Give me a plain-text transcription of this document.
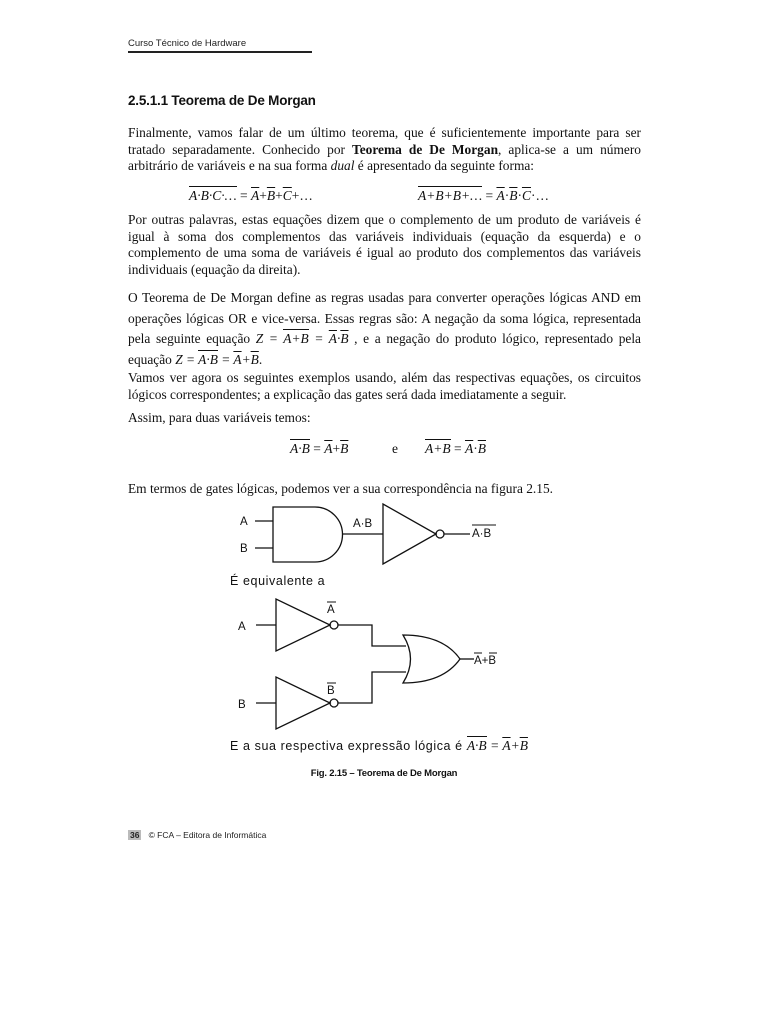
Curso Técnico de Hardware
2.5.1.1 Teorema de De Morgan

Finalmente, vamos falar de um último teorema, que é suficientemente importante para ser tratado separadamente. Conhecido por Teorema de De Morgan, aplica-se a um número arbitrário de variáveis e na sua forma dual é apresentado da seguinte forma:

A·B·C·… = $\overline{A}+\overline{B}+\overline{C}+\dots$	A+B+B+… = $\overline{A}\cdot\overline{B}\cdot\overline{C}\cdot\dots$

Por outras palavras, estas equações dizem que o complemento de um produto de variáveis é igual à soma dos complementos das variáveis individuais (equação da esquerda) e o complemento de uma soma de variáveis é igual ao produto dos complementos das variáveis individuais (equação da direita).

O Teorema de De Morgan define as regras usadas para converter operações lógicas AND em operações lógicas OR e vice-versa. Essas regras são: A negação da soma lógica, representada pela seguinte equação $Z = A+B = \overline{A}\cdot\overline{B}$ , e a negação do produto lógico, representado pela equação $Z = A\cdot B = \overline{A}+\overline{B}$.

Vamos ver agora os seguintes exemplos usando, além das respectivas equações, os circuitos lógicos correspondentes; a explicação das gates será dada imediatamente a seguir.

Assim, para duas variáveis temos:

$A\cdot B = \overline{A}+\overline{B}$	e $A+B = \overline{A}\cdot\overline{B}$

Em termos de gates lógicas, podemos ver a sua correspondência na figura 2.15.

A
B
A·B
A·B
A
B
A
B
A+B
É equivalente a
E a sua respectiva expressão lógica é $A\cdot B = \overline{A}+\overline{B}$
Fig. 2.15 – Teorema de De Morgan
36 © FCA – Editora de Informática
